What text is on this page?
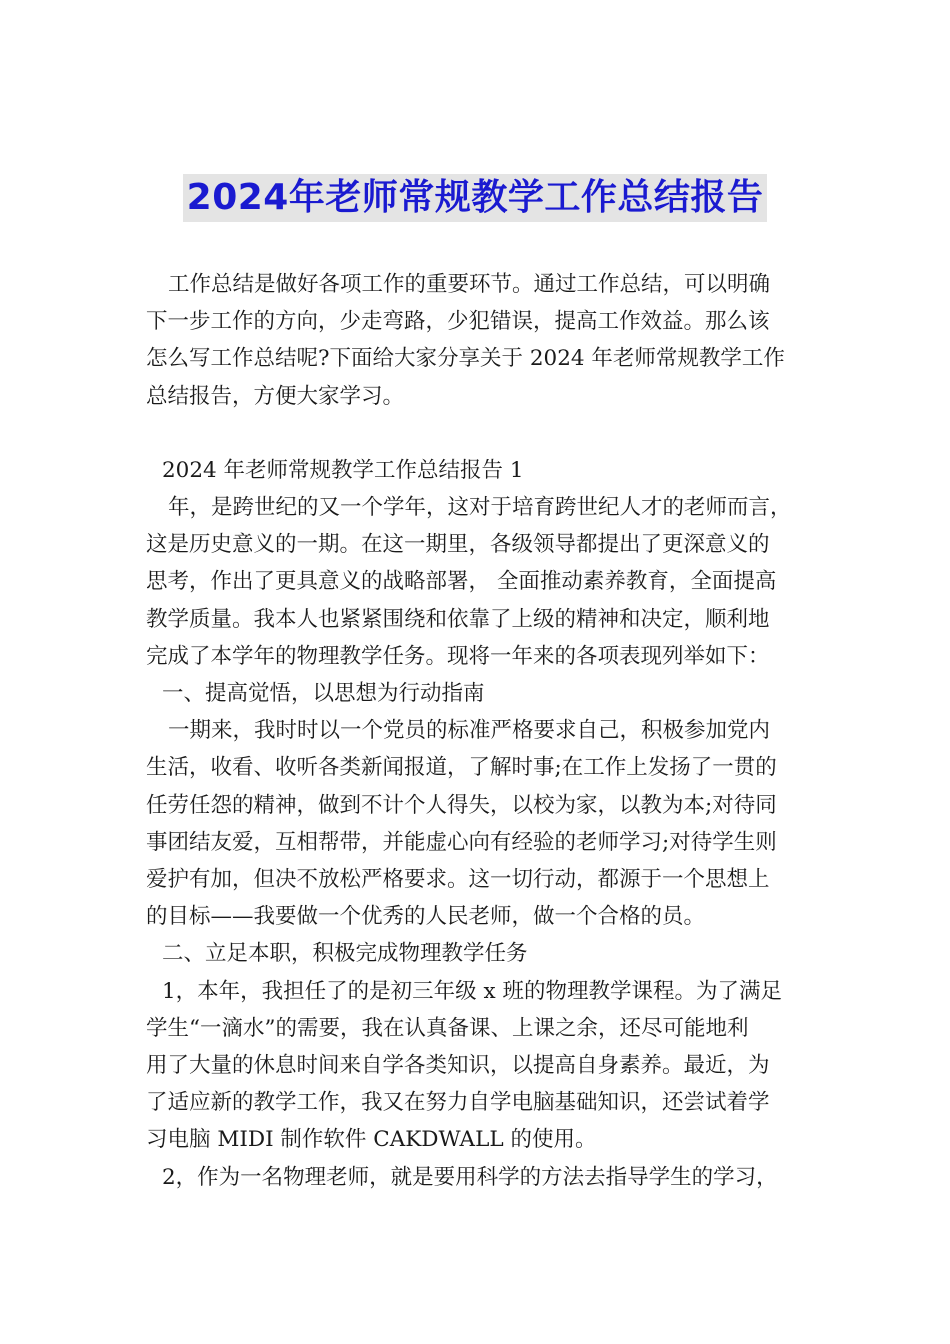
2024年老师常规教学工作总结报告

工作总结是做好各项工作的重要环节。通过工作总结，可以明确

下一步工作的方向，少走弯路，少犯错误，提高工作效益。那么该

怎么写工作总结呢?下面给大家分享关于 2024 年老师常规教学工作

总结报告，方便大家学习。

2024 年老师常规教学工作总结报告 1

年，是跨世纪的又一个学年，这对于培育跨世纪人才的老师而言，

这是历史意义的一期。在这一期里，各级领导都提出了更深意义的

思考，作出了更具意义的战略部署， 全面推动素养教育，全面提高

教学质量。我本人也紧紧围绕和依靠了上级的精神和决定，顺利地

完成了本学年的物理教学任务。现将一年来的各项表现列举如下：

一、提高觉悟，以思想为行动指南

一期来，我时时以一个党员的标准严格要求自己，积极参加党内

生活，收看、收听各类新闻报道，了解时事;在工作上发扬了一贯的

任劳任怨的精神，做到不计个人得失，以校为家，以教为本;对待同

事团结友爱，互相帮带，并能虚心向有经验的老师学习;对待学生则

爱护有加，但决不放松严格要求。这一切行动，都源于一个思想上

的目标——我要做一个优秀的人民老师，做一个合格的员。

二、立足本职，积极完成物理教学任务

1，本年，我担任了的是初三年级 x 班的物理教学课程。为了满足

学生“一滴水”的需要，我在认真备课、上课之余，还尽可能地利

用了大量的休息时间来自学各类知识，以提高自身素养。最近，为

了适应新的教学工作，我又在努力自学电脑基础知识，还尝试着学

习电脑 MIDI 制作软件 CAKDWALL 的使用。

2，作为一名物理老师，就是要用科学的方法去指导学生的学习，
